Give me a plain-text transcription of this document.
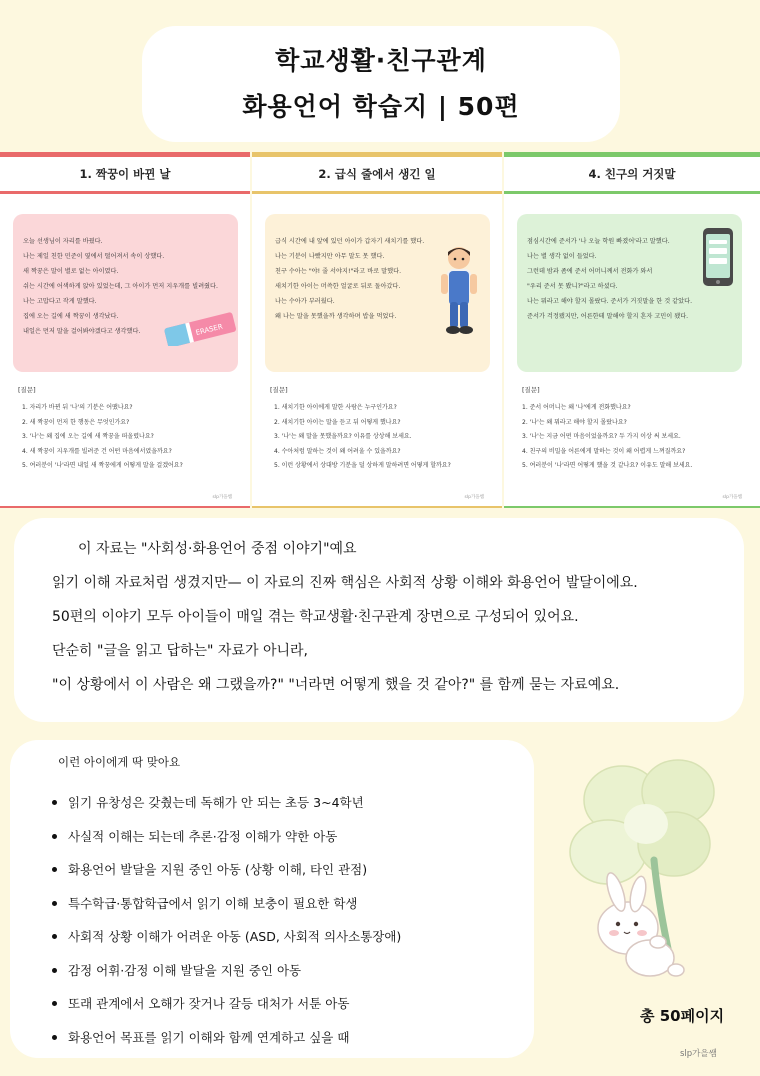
학교생활·친구관계
화용언어 학습지 | 50편
1. 짝꿍이 바뀐 날

오늘 선생님이 자리를 바꿨다.

나는 제일 친한 민준이 옆에서 떨어져서 속이 상했다.

새 짝꿍은 말이 별로 없는 아이였다.

쉬는 시간에 어색하게 앉아 있었는데, 그 아이가 먼저 지우개를 빌려줬다.

나는 고맙다고 작게 말했다.

집에 오는 길에 새 짝꿍이 생각났다.

내일은 먼저 말을 걸어봐야겠다고 생각했다.	ERASER
[질문]

1. 자리가 바뀐 뒤 '나'의 기분은 어땠나요?

2. 새 짝꿍이 먼저 한 행동은 무엇인가요?

3. '나'는 왜 집에 오는 길에 새 짝꿍을 떠올렸나요?

4. 새 짝꿍이 지우개를 빌려준 건 어떤 마음에서였을까요?

5. 여러분이 '나'라면 내일 새 짝꿍에게 어떻게 말을 걸겠어요?

slp가을쌤
2. 급식 줄에서 생긴 일

급식 시간에 내 앞에 있던 아이가 갑자기 새치기를 했다.

나는 기분이 나빴지만 아무 말도 못 했다.

친구 수아는 "야! 줄 서야지!"라고 바로 말했다.

새치기한 아이는 머쓱한 얼굴로 뒤로 돌아갔다.

나는 수아가 부러웠다.

왜 나는 말을 못했을까 생각하며 밥을 먹었다.

[질문]

1. 새치기한 아이에게 말한 사람은 누구인가요?

2. 새치기한 아이는 말을 듣고 뒤 어떻게 했나요?

3. '나'는 왜 말을 못했을까요? 이유를 상상해 보세요.

4. 수아처럼 말하는 것이 왜 어려울 수 있을까요?

5. 이런 상황에서 상대방 기분을 덜 상하게 말하려면 어떻게 할까요?

slp가을쌤
4. 친구의 거짓말

점심시간에 준서가 '나 오늘 학원 빠졌어'라고 말했다.

나는 별 생각 없이 들었다.

그런데 밤과 좀에 준서 어머니께서 전화가 와서

"우리 준서 못 봤니?"라고 하셨다.

나는 뭐라고 해야 할지 몰랐다. 준서가 거짓말을 한 것 같았다.

준서가 걱정됐지만, 어른한테 말해야 할지 혼자 고민이 됐다.

[질문]

1. 준서 어머니는 왜 '나'에게 전화했나요?

2. '나'는 왜 뭐라고 해야 할지 몰랐나요?

3. '나'는 지금 어떤 마음이었을까요? 두 가지 이상 써 보세요.

4. 친구의 비밀을 어른에게 말하는 것이 왜 어렵게 느껴질까요?

5. 여러분이 '나'라면 어떻게 했을 것 같나요? 이유도 말해 보세요.

slp가을쌤

이 자료는 "사회성·화용언어 중점 이야기"예요

읽기 이해 자료처럼 생겼지만— 이 자료의 진짜 핵심은 사회적 상황 이해와 화용언어 발달이에요.

50편의 이야기 모두 아이들이 매일 겪는 학교생활·친구관계 장면으로 구성되어 있어요.

단순히 "글을 읽고 답하는" 자료가 아니라,

"이 상황에서 이 사람은 왜 그랬을까?" "너라면 어떻게 했을 것 같아?" 를 함께 묻는 자료예요.

이런 아이에게 딱 맞아요
읽기 유창성은 갖췄는데 독해가 안 되는 초등 3~4학년
사실적 이해는 되는데 추론·감정 이해가 약한 아동
화용언어 발달을 지원 중인 아동 (상황 이해, 타인 관점)
특수학급·통합학급에서 읽기 이해 보충이 필요한 학생
사회적 상황 이해가 어려운 아동 (ASD, 사회적 의사소통장애)
감정 어휘·감정 이해 발달을 지원 중인 아동
또래 관계에서 오해가 잦거나 갈등 대처가 서툰 아동
화용언어 목표를 읽기 이해와 함께 연계하고 싶을 때
총 50페이지
slp가을쌤
